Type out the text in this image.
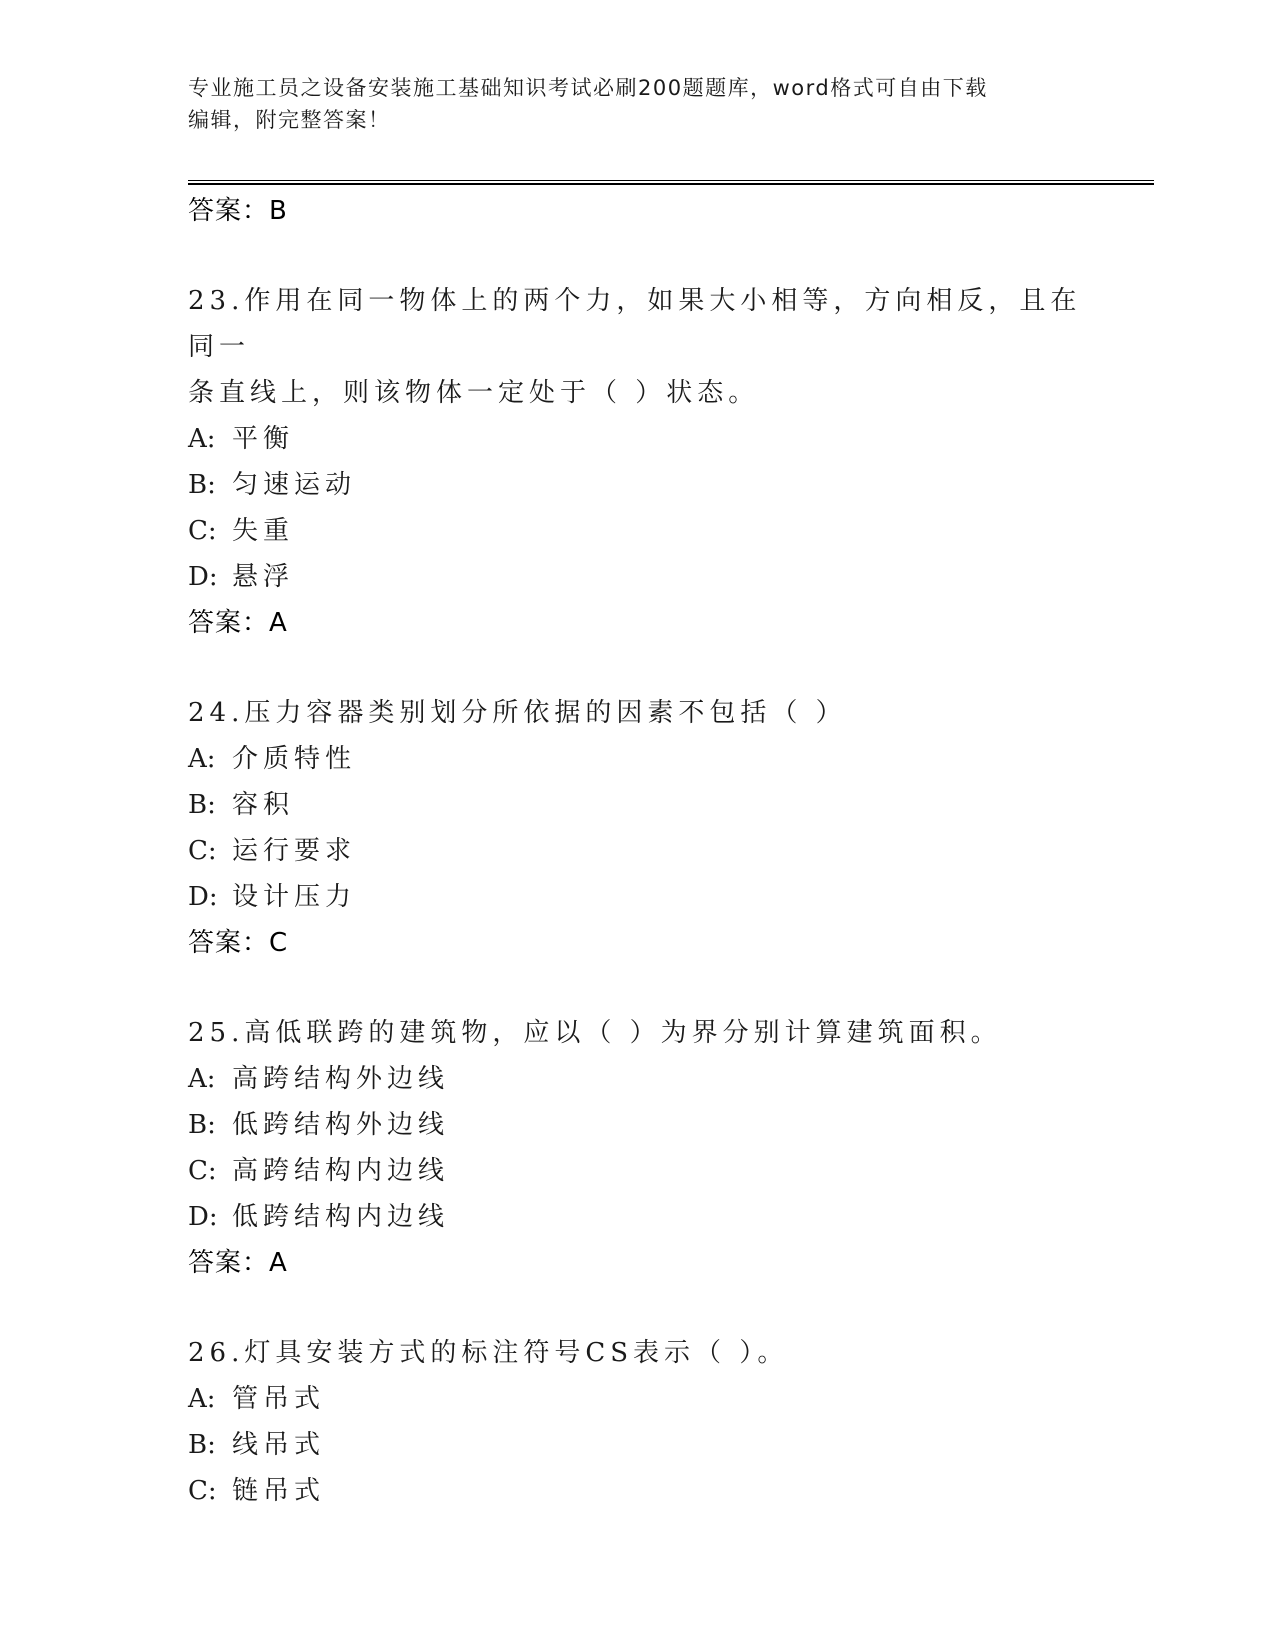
专业施工员之设备安装施工基础知识考试必刷200题题库，word格式可自由下载
编辑，附完整答案！
答案：B
23.作用在同一物体上的两个力，如果大小相等，方向相反，且在同一
条直线上，则该物体一定处于（ ）状态。
A: 平衡
B: 匀速运动
C: 失重
D: 悬浮
答案：A
24.压力容器类别划分所依据的因素不包括（ ）
A: 介质特性
B: 容积
C: 运行要求
D: 设计压力
答案：C
25.高低联跨的建筑物，应以（ ）为界分别计算建筑面积。
A: 高跨结构外边线
B: 低跨结构外边线
C: 高跨结构内边线
D: 低跨结构内边线
答案：A
26.灯具安装方式的标注符号CS表示（ ）。
A: 管吊式
B: 线吊式
C: 链吊式
